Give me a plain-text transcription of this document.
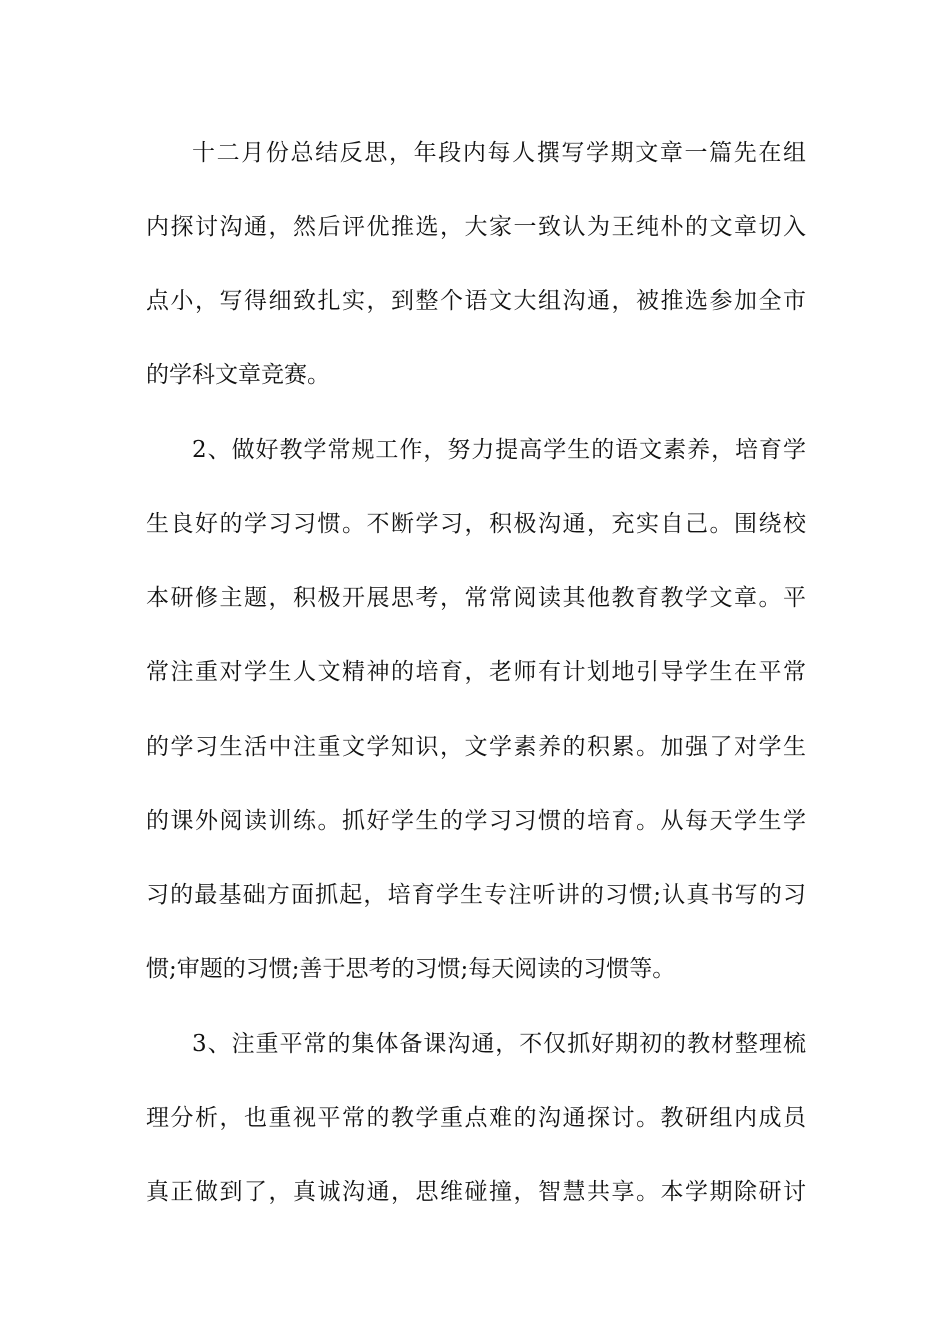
十二月份总结反思，年段内每人撰写学期文章一篇先在组
内探讨沟通，然后评优推选，大家一致认为王纯朴的文章切入
点小，写得细致扎实，到整个语文大组沟通，被推选参加全市
的学科文章竞赛。
2、做好教学常规工作，努力提高学生的语文素养，培育学
生良好的学习习惯。不断学习，积极沟通，充实自己。围绕校
本研修主题，积极开展思考，常常阅读其他教育教学文章。平
常注重对学生人文精神的培育，老师有计划地引导学生在平常
的学习生活中注重文学知识，文学素养的积累。加强了对学生
的课外阅读训练。抓好学生的学习习惯的培育。从每天学生学
习的最基础方面抓起，培育学生专注听讲的习惯;认真书写的习
惯;审题的习惯;善于思考的习惯;每天阅读的习惯等。
3、注重平常的集体备课沟通，不仅抓好期初的教材整理梳
理分析，也重视平常的教学重点难的沟通探讨。教研组内成员
真正做到了，真诚沟通，思维碰撞，智慧共享。本学期除研讨
